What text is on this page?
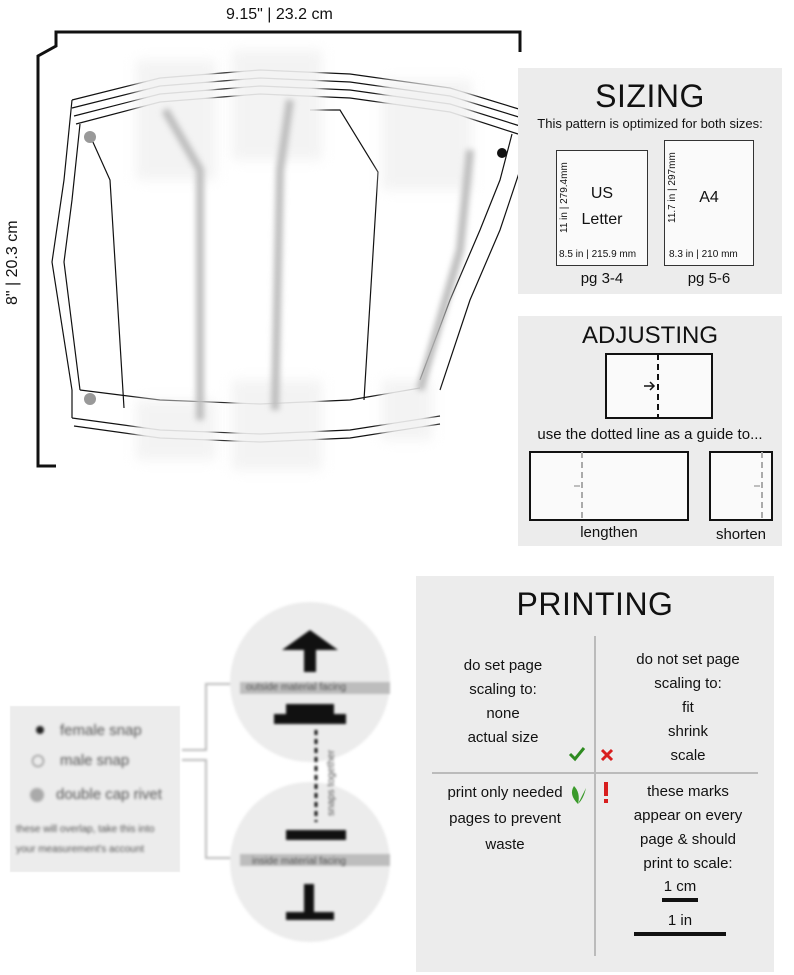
9.15" | 23.2 cm
8" | 20.3 cm
SIZING
This pattern is optimized for both sizes:
US
Letter
11 in | 279.4mm
8.5 in | 215.9 mm
pg 3-4
A4
11.7 in | 297mm
8.3 in | 210 mm
pg 5-6
ADJUSTING
use the dotted line as a guide to...
lengthen	shorten
female snap
male snap
double cap rivet
these will overlap, take this into
your measurement's account
outside material facing
inside material facing
snaps together
PRINTING
do set page
scaling to:
none
actual size
do not set page
scaling to:
fit
shrink
scale
print only needed
pages to prevent
waste
these marks
appear on every
page & should
print to scale:
1 cm
1 in
